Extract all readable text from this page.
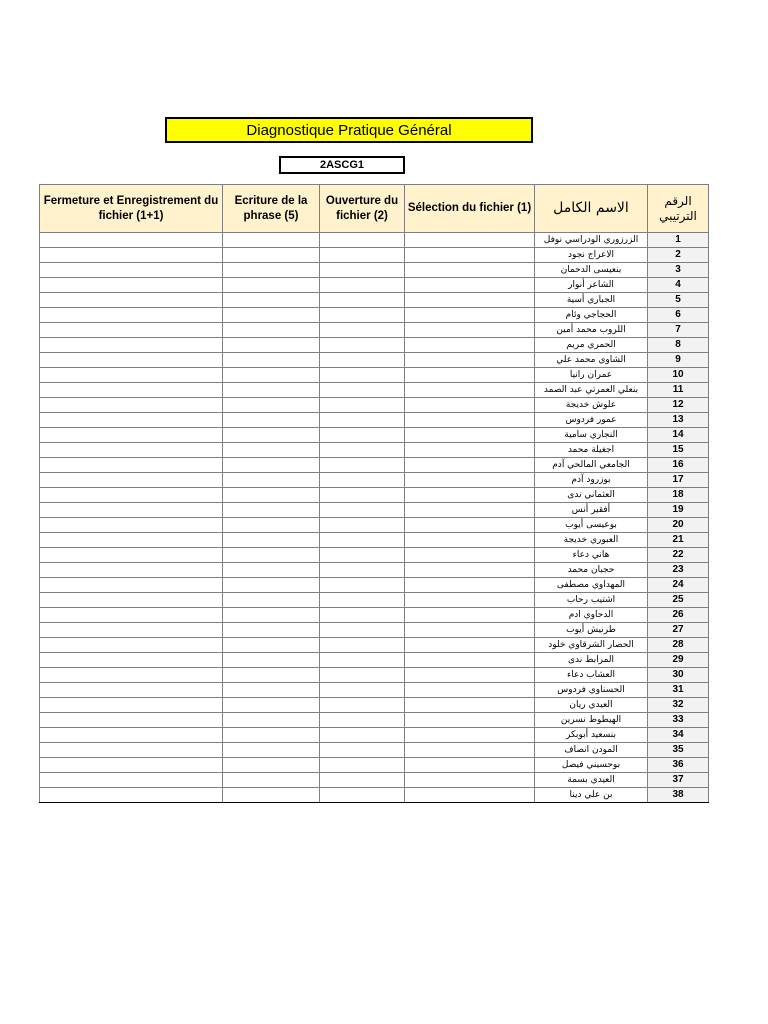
Diagnostique Pratique Général
2ASCG1
Fermeture et Enregistrement du fichier (1+1)	Ecriture de la phrase (5)	Ouverture du fichier (2)	Sélection du fichier (1)	الاسم الكامل	الرقم الترتيبي
				الزرزوري الودراسي نوفل	1
				الاعراج نجود	2
				بنعيسى الدحمان	3
				الشاعر أنوار	4
				الجباري أسية	5
				الحجاجي وئام	6
				اللروب محمد أمين	7
				الحمري مريم	8
				الشاوي محمد علي	9
				عمران رانيا	10
				بنعلي العمرتي عبد الصمد	11
				علوش خديجة	12
				عمور فردوس	13
				النجاري سامية	14
				اجغيلة محمد	15
				الجامعي المالحي آدم	16
				بوزرود آدم	17
				العثماني ندى	18
				أفقير أنس	19
				بوعيسى أيوب	20
				العبوري خديجة	21
				هاني دعاء	22
				حجبان محمد	23
				المهداوي مصطفى	24
				اشتيب رحاب	25
				الدحاوي ادم	26
				طرنيش أيوب	27
				الحصار الشرقاوي خلود	28
				المرابط ندى	29
				العشاب دعاء	30
				الحسناوي فردوس	31
				العيدي ريان	32
				الهيطوط نسرين	33
				بنسعيد أبوبكر	34
				المودن انصاف	35
				بوحسيني فيصل	36
				العيدي بسمة	37
				بن علي دينا	38
